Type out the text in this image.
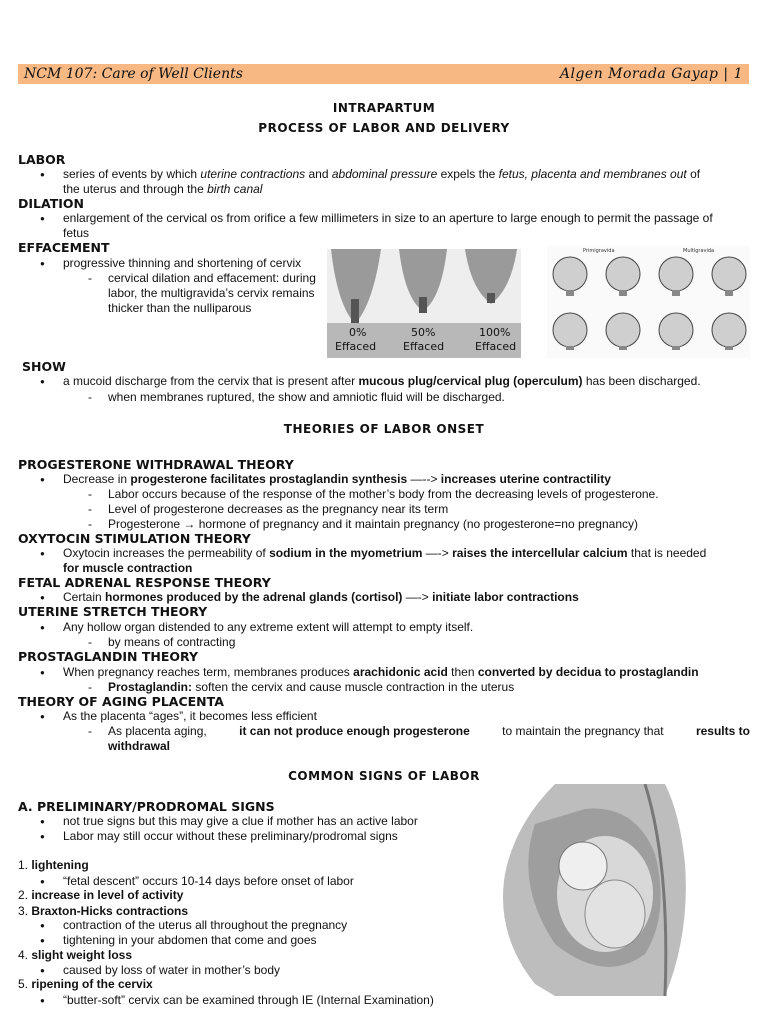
NCM 107: Care of Well Clients	Algen Morada Gayap | 1
INTRAPARTUM
PROCESS OF LABOR AND DELIVERY
LABOR
● series of events by which uterine contractions and abdominal pressure expels the fetus, placenta and membranes out of
the uterus and through the birth canal
DILATION
● enlargement of the cervical os from orifice a few millimeters in size to an aperture to large enough to permit the passage of
fetus
EFFACEMENT
● progressive thinning and shortening of cervix
- cervical dilation and effacement: during
labor, the multigravida’s cervix remains
thicker than the nulliparous
0%
Effaced
50%
Effaced
100%
Effaced
Primigravida	Multigravida
SHOW
● a mucoid discharge from the cervix that is present after mucous plug/cervical plug (operculum) has been discharged.
- when membranes ruptured, the show and amniotic fluid will be discharged.
THEORIES OF LABOR ONSET
PROGESTERONE WITHDRAWAL THEORY
● Decrease in progesterone facilitates prostaglandin synthesis —--> increases uterine contractility
- Labor occurs because of the response of the mother’s body from the decreasing levels of progesterone.
- Level of progesterone decreases as the pregnancy near its term
- Progesterone → hormone of pregnancy and it maintain pregnancy (no progesterone=no pregnancy)
OXYTOCIN STIMULATION THEORY
● Oxytocin increases the permeability of sodium in the myometrium —-> raises the intercellular calcium that is needed
for muscle contraction
FETAL ADRENAL RESPONSE THEORY
● Certain hormones produced by the adrenal glands (cortisol) —-> initiate labor contractions
UTERINE STRETCH THEORY
● Any hollow organ distended to any extreme extent will attempt to empty itself.
- by means of contracting
PROSTAGLANDIN THEORY
● When pregnancy reaches term, membranes produces arachidonic acid then converted by decidua to prostaglandin
- Prostaglandin: soften the cervix and cause muscle contraction in the uterus
THEORY OF AGING PLACENTA
● As the placenta “ages”, it becomes less efficient
- As placenta aging,	it can not produce enough progesterone	to maintain the pregnancy that	results to
withdrawal
COMMON SIGNS OF LABOR
A. PRELIMINARY/PRODROMAL SIGNS
● not true signs but this may give a clue if mother has an active labor
● Labor may still occur without these preliminary/prodromal signs
1. lightening
● “fetal descent” occurs 10-14 days before onset of labor
2. increase in level of activity
3. Braxton-Hicks contractions
● contraction of the uterus all throughout the pregnancy
● tightening in your abdomen that come and goes
4. slight weight loss
● caused by loss of water in mother’s body
5. ripening of the cervix
● “butter-soft” cervix can be examined through IE (Internal Examination)
